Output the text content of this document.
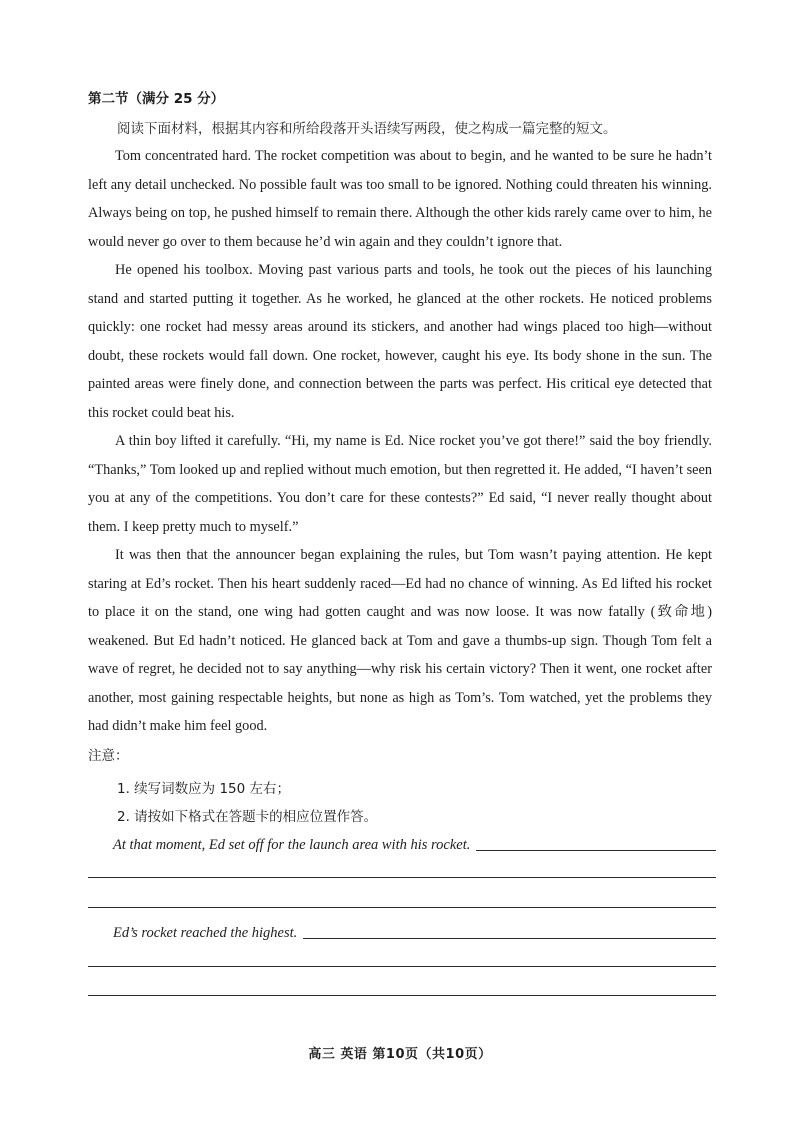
第二节（满分 25 分）
阅读下面材料，根据其内容和所给段落开头语续写两段，使之构成一篇完整的短文。

Tom concentrated hard. The rocket competition was about to begin, and he wanted to be sure he hadn’t left any detail unchecked. No possible fault was too small to be ignored. Nothing could threaten his winning. Always being on top, he pushed himself to remain there. Although the other kids rarely came over to him, he would never go over to them because he’d win again and they couldn’t ignore that.

He opened his toolbox. Moving past various parts and tools, he took out the pieces of his launching stand and started putting it together. As he worked, he glanced at the other rockets. He noticed problems quickly: one rocket had messy areas around its stickers, and another had wings placed too high—without doubt, these rockets would fall down. One rocket, however, caught his eye. Its body shone in the sun. The painted areas were finely done, and connection between the parts was perfect. His critical eye detected that this rocket could beat his.

A thin boy lifted it carefully. “Hi, my name is Ed. Nice rocket you’ve got there!” said the boy friendly. “Thanks,” Tom looked up and replied without much emotion, but then regretted it. He added, “I haven’t seen you at any of the competitions. You don’t care for these contests?” Ed said, “I never really thought about them. I keep pretty much to myself.”

It was then that the announcer began explaining the rules, but Tom wasn’t paying attention. He kept staring at Ed’s rocket. Then his heart suddenly raced—Ed had no chance of winning. As Ed lifted his rocket to place it on the stand, one wing had gotten caught and was now loose. It was now fatally (致命地) weakened. But Ed hadn’t noticed. He glanced back at Tom and gave a thumbs-up sign. Though Tom felt a wave of regret, he decided not to say anything—why risk his certain victory? Then it went, one rocket after another, most gaining respectable heights, but none as high as Tom’s. Tom watched, yet the problems they had didn’t make him feel good.

注意：
1. 续写词数应为 150 左右；
2. 请按如下格式在答题卡的相应位置作答。
At that moment, Ed set off for the launch area with his rocket.
Ed’s rocket reached the highest.
高三 英语 第10页（共10页）
